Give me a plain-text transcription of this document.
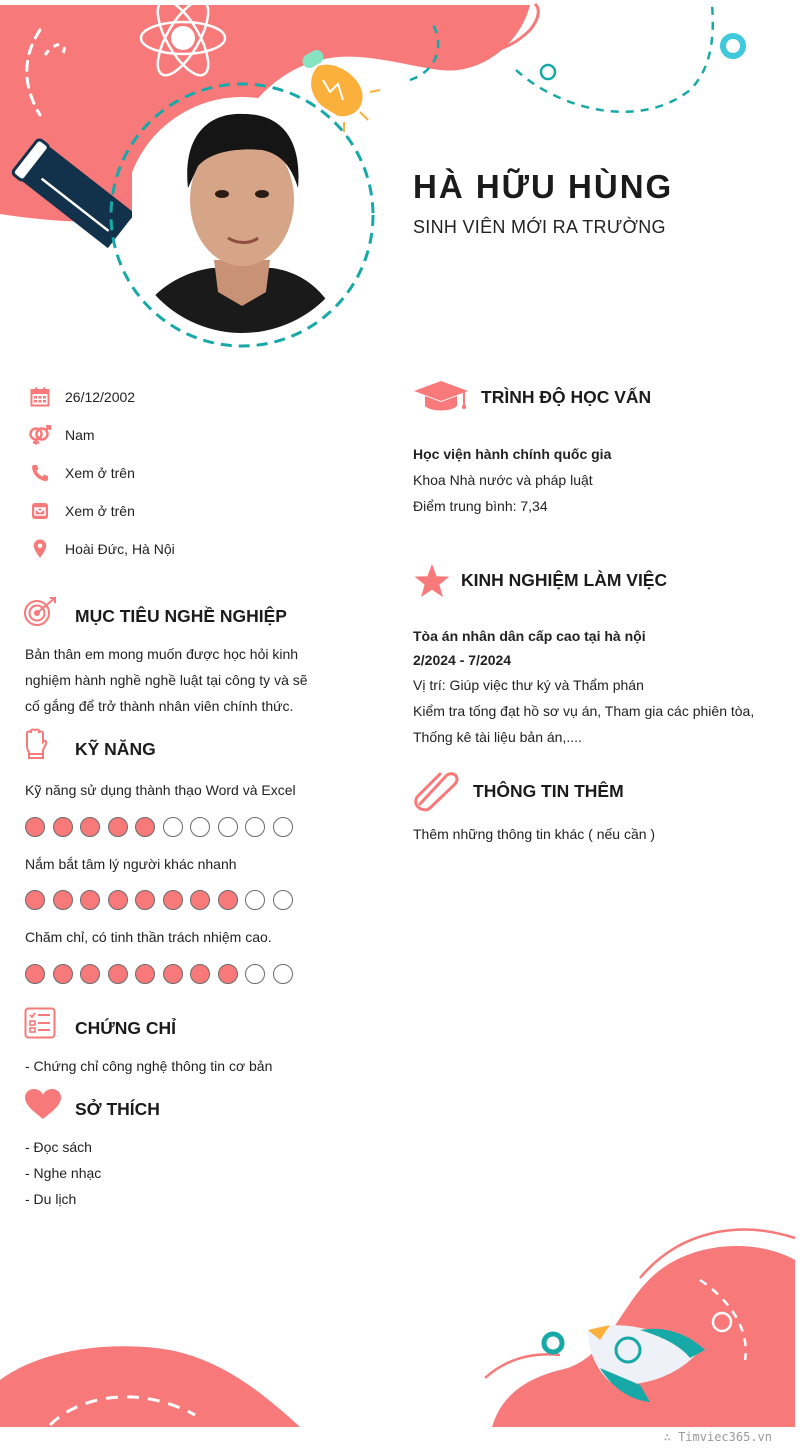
HÀ HỮU HÙNG
SINH VIÊN MỚI RA TRƯỜNG
26/12/2002
Nam
Xem ở trên
Xem ở trên
Hoài Đức, Hà Nội
MỤC TIÊU NGHỀ NGHIỆP
Bản thân em mong muốn được học hỏi kinh
nghiệm hành nghề nghề luật tại công ty và sẽ
cố gắng để trở thành nhân viên chính thức.
KỸ NĂNG
Kỹ năng sử dụng thành thạo Word và Excel
Nắm bắt tâm lý người khác nhanh
Chăm chỉ, có tinh thần trách nhiệm cao.
CHỨNG CHỈ
- Chứng chỉ công nghệ thông tin cơ bản
SỞ THÍCH
- Đọc sách
- Nghe nhạc
- Du lịch
TRÌNH ĐỘ HỌC VẤN
Học viện hành chính quốc gia
Khoa Nhà nước và pháp luật
Điểm trung bình: 7,34
KINH NGHIỆM LÀM VIỆC
Tòa án nhân dân cấp cao tại hà nội
2/2024 - 7/2024
Vị trí: Giúp việc thư ký và Thẩm phán
Kiểm tra tống đạt hồ sơ vụ án, Tham gia các phiên tòa,
Thống kê tài liệu bản án,....
THÔNG TIN THÊM
Thêm những thông tin khác ( nếu cần )
∴ Timviec365.vn
